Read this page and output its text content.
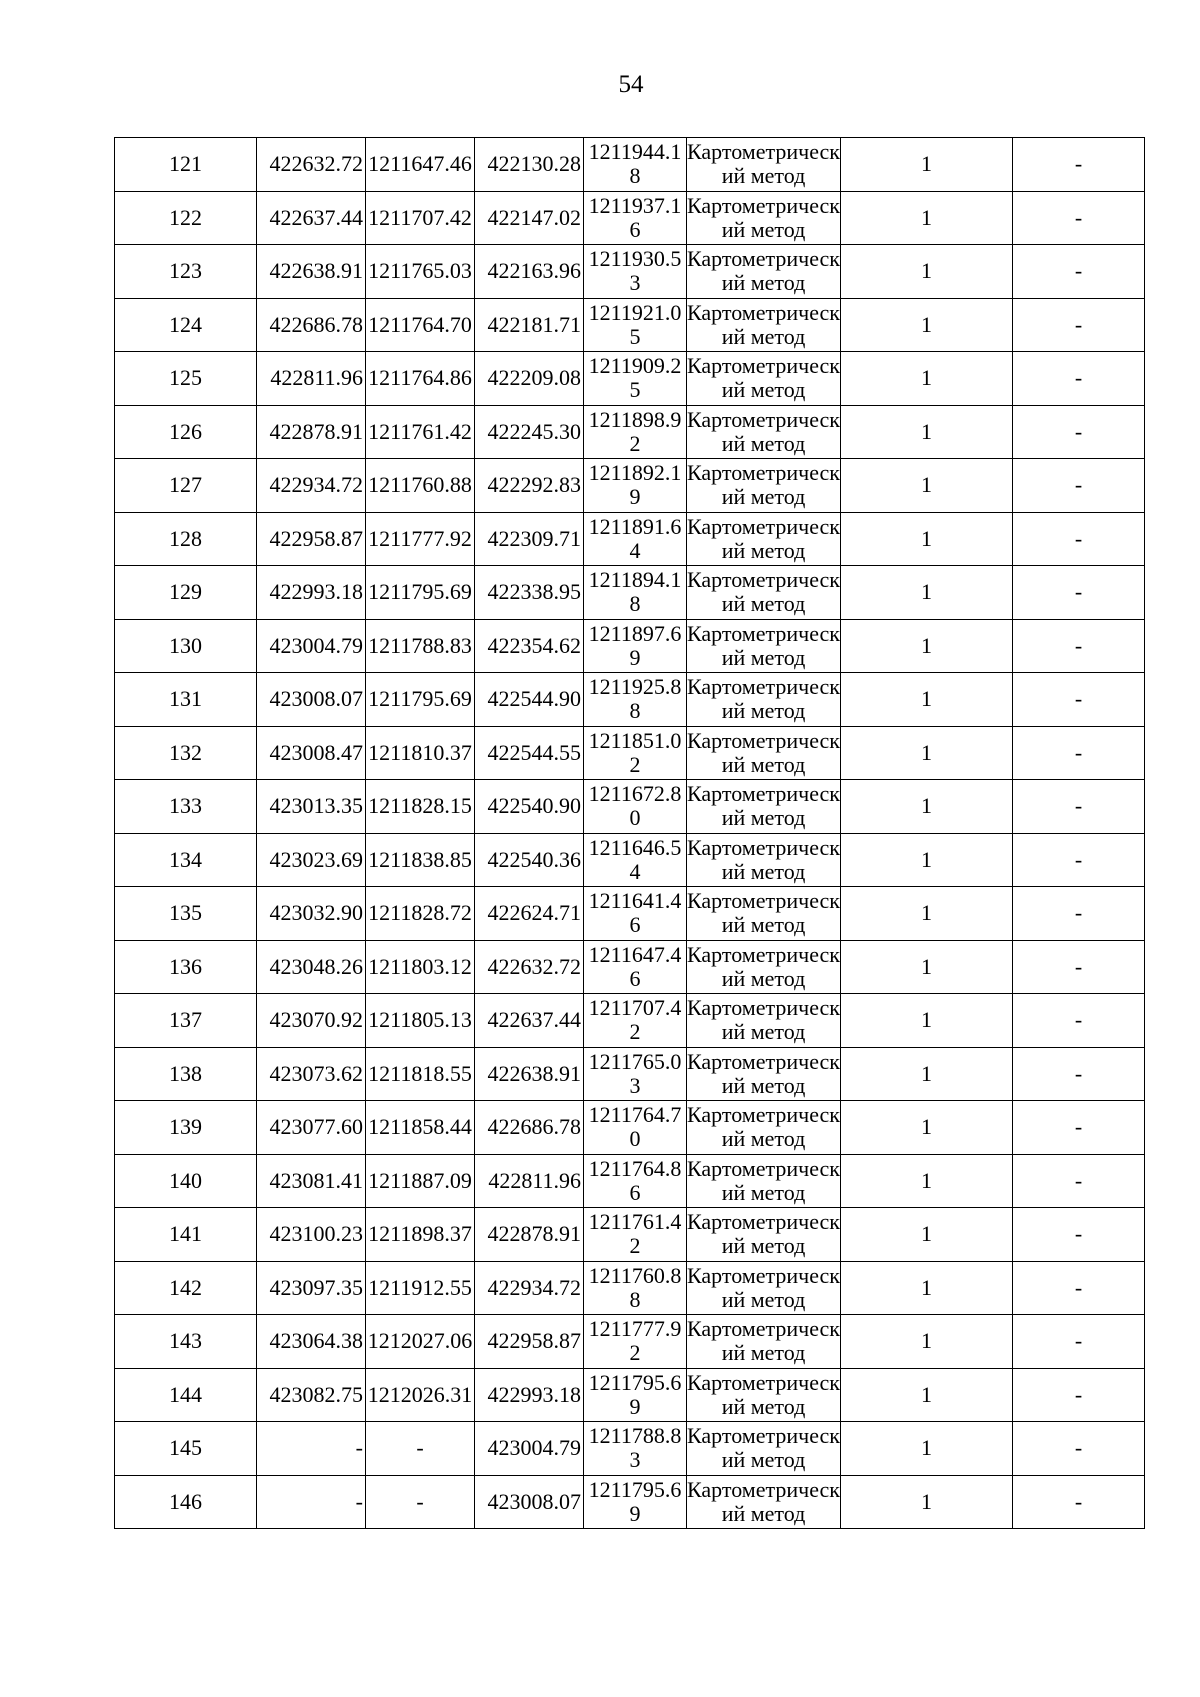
54
121	422632.72	1211647.46	422130.28	1211944.18	Картометрический метод	1	-
122	422637.44	1211707.42	422147.02	1211937.16	Картометрический метод	1	-
123	422638.91	1211765.03	422163.96	1211930.53	Картометрический метод	1	-
124	422686.78	1211764.70	422181.71	1211921.05	Картометрический метод	1	-
125	422811.96	1211764.86	422209.08	1211909.25	Картометрический метод	1	-
126	422878.91	1211761.42	422245.30	1211898.92	Картометрический метод	1	-
127	422934.72	1211760.88	422292.83	1211892.19	Картометрический метод	1	-
128	422958.87	1211777.92	422309.71	1211891.64	Картометрический метод	1	-
129	422993.18	1211795.69	422338.95	1211894.18	Картометрический метод	1	-
130	423004.79	1211788.83	422354.62	1211897.69	Картометрический метод	1	-
131	423008.07	1211795.69	422544.90	1211925.88	Картометрический метод	1	-
132	423008.47	1211810.37	422544.55	1211851.02	Картометрический метод	1	-
133	423013.35	1211828.15	422540.90	1211672.80	Картометрический метод	1	-
134	423023.69	1211838.85	422540.36	1211646.54	Картометрический метод	1	-
135	423032.90	1211828.72	422624.71	1211641.46	Картометрический метод	1	-
136	423048.26	1211803.12	422632.72	1211647.46	Картометрический метод	1	-
137	423070.92	1211805.13	422637.44	1211707.42	Картометрический метод	1	-
138	423073.62	1211818.55	422638.91	1211765.03	Картометрический метод	1	-
139	423077.60	1211858.44	422686.78	1211764.70	Картометрический метод	1	-
140	423081.41	1211887.09	422811.96	1211764.86	Картометрический метод	1	-
141	423100.23	1211898.37	422878.91	1211761.42	Картометрический метод	1	-
142	423097.35	1211912.55	422934.72	1211760.88	Картометрический метод	1	-
143	423064.38	1212027.06	422958.87	1211777.92	Картометрический метод	1	-
144	423082.75	1212026.31	422993.18	1211795.69	Картометрический метод	1	-
145	-	-	423004.79	1211788.83	Картометрический метод	1	-
146	-	-	423008.07	1211795.69	Картометрический метод	1	-
